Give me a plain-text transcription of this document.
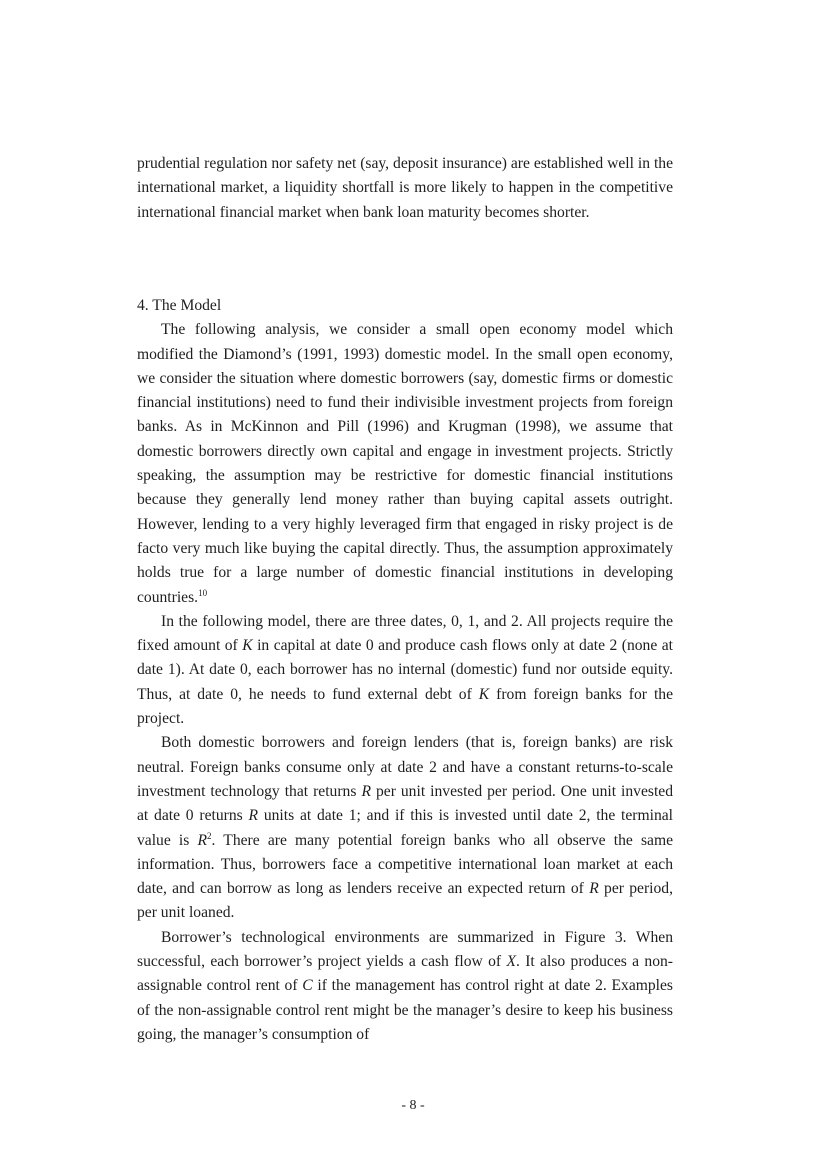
prudential regulation nor safety net (say, deposit insurance) are established well in the international market, a liquidity shortfall is more likely to happen in the competitive international financial market when bank loan maturity becomes shorter.

4. The Model

The following analysis, we consider a small open economy model which modified the Diamond’s (1991, 1993) domestic model. In the small open economy, we consider the situation where domestic borrowers (say, domestic firms or domestic financial institutions) need to fund their indivisible investment projects from foreign banks. As in McKinnon and Pill (1996) and Krugman (1998), we assume that domestic borrowers directly own capital and engage in investment projects. Strictly speaking, the assumption may be restrictive for domestic financial institutions because they generally lend money rather than buying capital assets outright. However, lending to a very highly leveraged firm that engaged in risky project is de facto very much like buying the capital directly. Thus, the assumption approximately holds true for a large number of domestic financial institutions in developing countries.$^{10}$

In the following model, there are three dates, 0, 1, and 2. All projects require the fixed amount of K in capital at date 0 and produce cash flows only at date 2 (none at date 1). At date 0, each borrower has no internal (domestic) fund nor outside equity. Thus, at date 0, he needs to fund external debt of K from foreign banks for the project.

Both domestic borrowers and foreign lenders (that is, foreign banks) are risk neutral. Foreign banks consume only at date 2 and have a constant returns-to-scale investment technology that returns R per unit invested per period. One unit invested at date 0 returns R units at date 1; and if this is invested until date 2, the terminal value is $R^2$. There are many potential foreign banks who all observe the same information. Thus, borrowers face a competitive international loan market at each date, and can borrow as long as lenders receive an expected return of R per period, per unit loaned.

Borrower’s technological environments are summarized in Figure 3. When successful, each borrower’s project yields a cash flow of X. It also produces a non-assignable control rent of C if the management has control right at date 2. Examples of the non-assignable control rent might be the manager’s desire to keep his business going, the manager’s consumption of

- 8 -
